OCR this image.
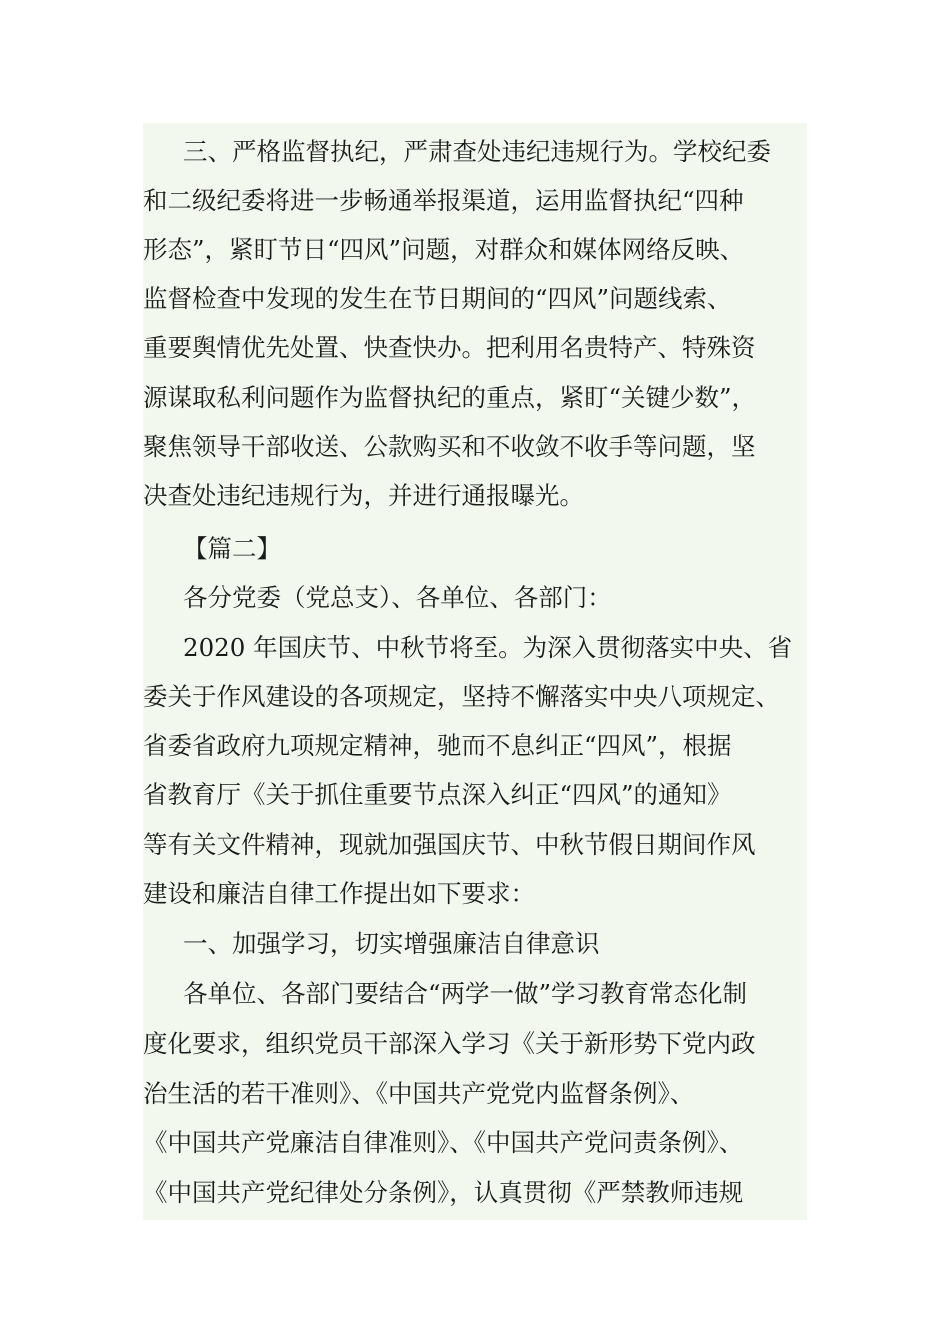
三、严格监督执纪，严肃查处违纪违规行为。学校纪委
和二级纪委将进一步畅通举报渠道，运用监督执纪“四种
形态”，紧盯节日“四风”问题，对群众和媒体网络反映、
监督检查中发现的发生在节日期间的“四风”问题线索、
重要舆情优先处置、快查快办。把利用名贵特产、特殊资
源谋取私利问题作为监督执纪的重点，紧盯“关键少数”，
聚焦领导干部收送、公款购买和不收敛不收手等问题，坚
决查处违纪违规行为，并进行通报曝光。
【篇二】
各分党委（党总支）、各单位、各部门：
2020 年国庆节、中秋节将至。为深入贯彻落实中央、省
委关于作风建设的各项规定，坚持不懈落实中央八项规定、
省委省政府九项规定精神，驰而不息纠正“四风”，根据
省教育厅《关于抓住重要节点深入纠正“四风”的通知》
等有关文件精神，现就加强国庆节、中秋节假日期间作风
建设和廉洁自律工作提出如下要求：
一、加强学习，切实增强廉洁自律意识
各单位、各部门要结合“两学一做”学习教育常态化制
度化要求，组织党员干部深入学习《关于新形势下党内政
治生活的若干准则》、《中国共产党党内监督条例》、
《中国共产党廉洁自律准则》、《中国共产党问责条例》、
《中国共产党纪律处分条例》，认真贯彻《严禁教师违规
